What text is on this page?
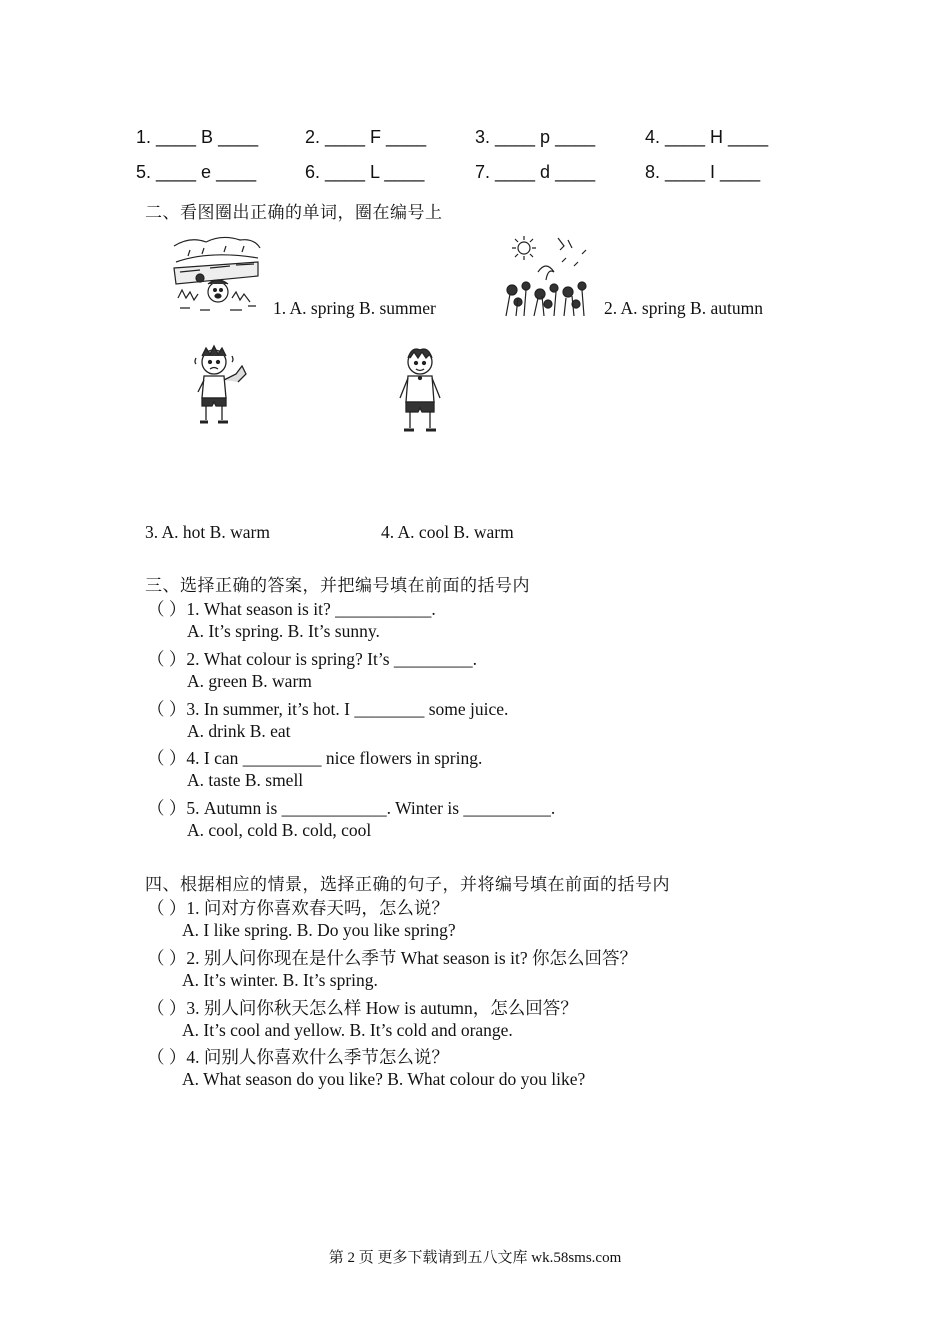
1. ____ B ____	2. ____ F ____	3. ____ p ____	4. ____ H ____
5. ____ e ____	6. ____ L ____	7. ____ d ____	8. ____ I ____
二、看图圈出正确的单词，圈在编号上
1. A. spring B. summer	2. A. spring B. autumn
3. A. hot B. warm	4. A. cool B. warm
三、选择正确的答案，并把编号填在前面的括号内
（ ）1. What season is it? ___________.
A. It’s spring. B. It’s sunny.
（ ）2. What colour is spring? It’s _________.
A. green B. warm
（ ）3. In summer, it’s hot. I ________ some juice.
A. drink B. eat
（ ）4. I can _________ nice flowers in spring.
A. taste B. smell
（ ）5. Autumn is ____________. Winter is __________.
A. cool, cold B. cold, cool
四、根据相应的情景，选择正确的句子，并将编号填在前面的括号内
（ ）1. 问对方你喜欢春天吗，怎么说？
A. I like spring. B. Do you like spring?
（ ）2. 别人问你现在是什么季节 What season is it? 你怎么回答？
A. It’s winter. B. It’s spring.
（ ）3. 别人问你秋天怎么样 How is autumn，怎么回答？
A. It’s cool and yellow. B. It’s cold and orange.
（ ）4. 问别人你喜欢什么季节怎么说？
A. What season do you like? B. What colour do you like?
第 2 页 更多下载请到五八文库 wk.58sms.com
